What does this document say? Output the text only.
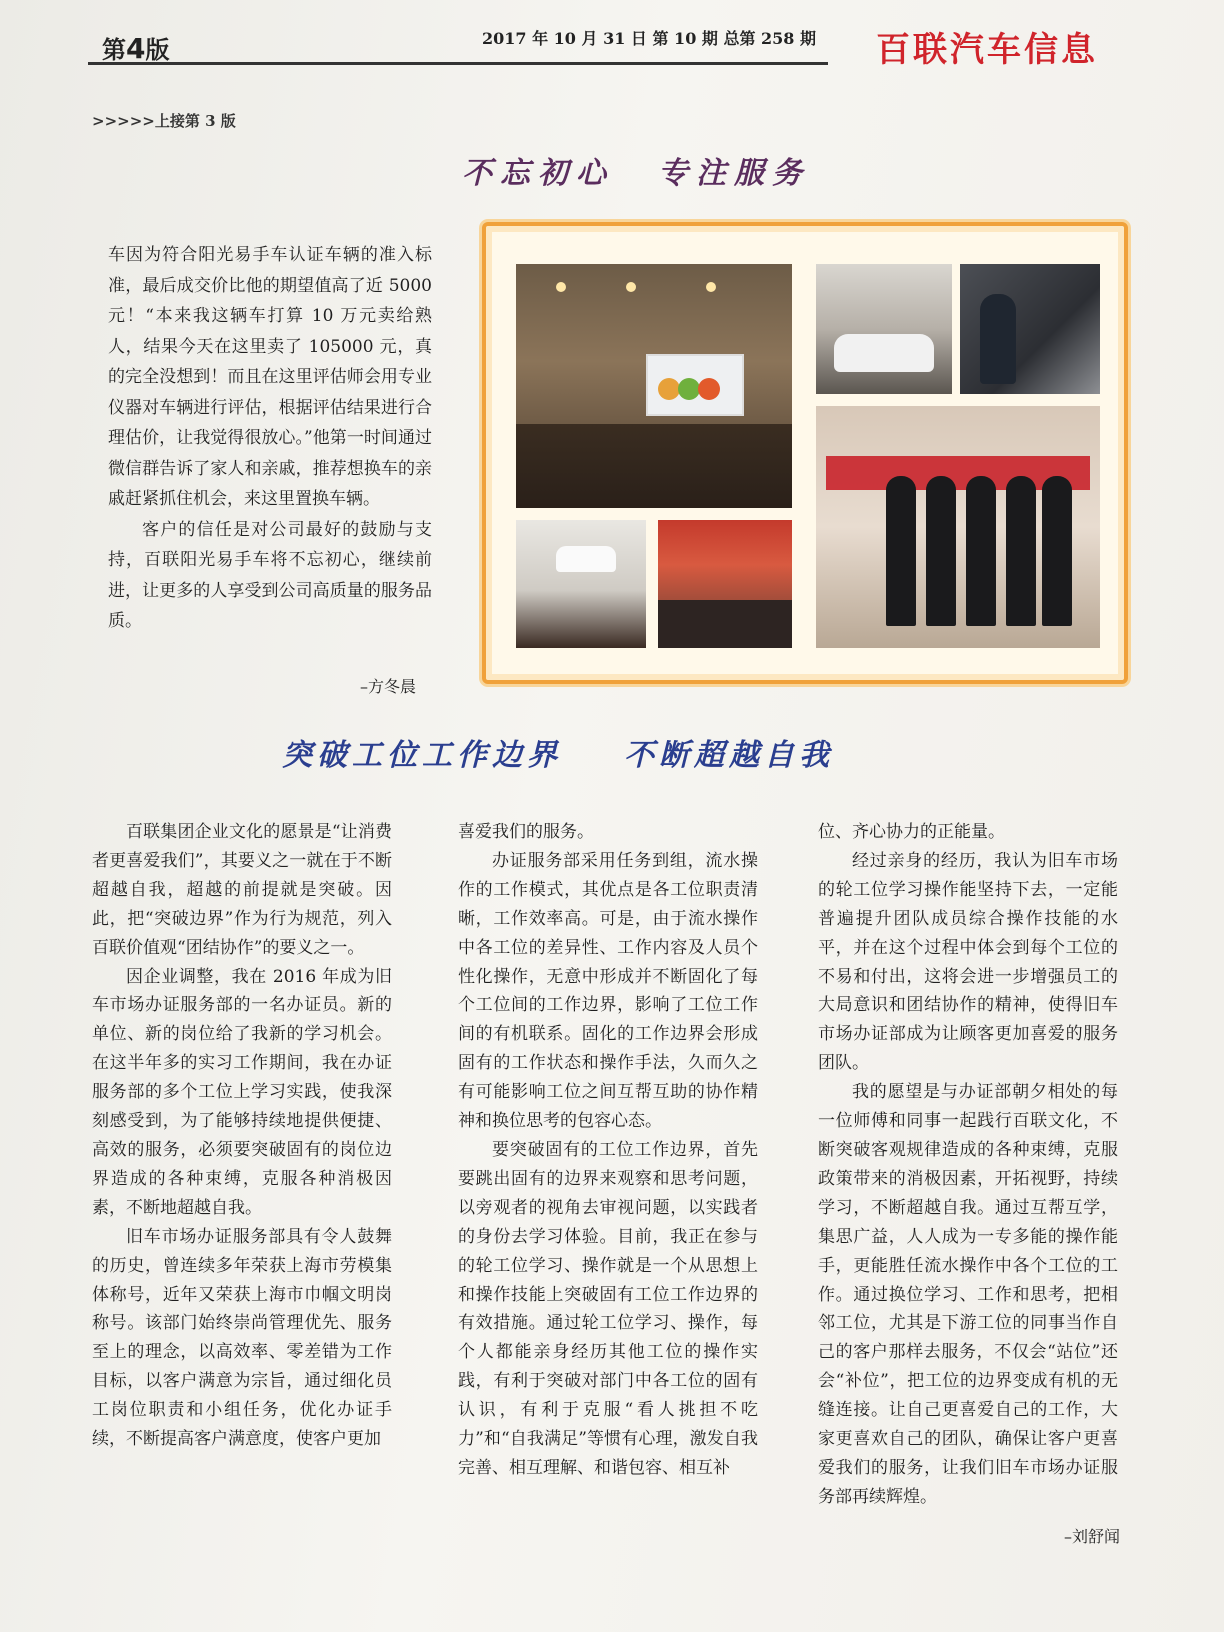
第4版	2017 年 10 月 31 日 第 10 期 总第 258 期 百联汽车信息
>>>>>上接第 3 版
不忘初心 专注服务

车因为符合阳光易手车认证车辆的准入标准，最后成交价比他的期望值高了近 5000 元！“本来我这辆车打算 10 万元卖给熟人，结果今天在这里卖了 105000 元，真的完全没想到！而且在这里评估师会用专业仪器对车辆进行评估，根据评估结果进行合理估价，让我觉得很放心。”他第一时间通过微信群告诉了家人和亲戚，推荐想换车的亲戚赶紧抓住机会，来这里置换车辆。

客户的信任是对公司最好的鼓励与支持，百联阳光易手车将不忘初心，继续前进，让更多的人享受到公司高质量的服务品质。

–方冬晨
突破工位工作边界 不断超越自我

百联集团企业文化的愿景是“让消费者更喜爱我们”，其要义之一就在于不断超越自我，超越的前提就是突破。因此，把“突破边界”作为行为规范，列入百联价值观“团结协作”的要义之一。

因企业调整，我在 2016 年成为旧车市场办证服务部的一名办证员。新的单位、新的岗位给了我新的学习机会。在这半年多的实习工作期间，我在办证服务部的多个工位上学习实践，使我深刻感受到，为了能够持续地提供便捷、高效的服务，必须要突破固有的岗位边界造成的各种束缚，克服各种消极因素，不断地超越自我。

旧车市场办证服务部具有令人鼓舞的历史，曾连续多年荣获上海市劳模集体称号，近年又荣获上海市巾帼文明岗称号。该部门始终崇尚管理优先、服务至上的理念，以高效率、零差错为工作目标，以客户满意为宗旨，通过细化员工岗位职责和小组任务，优化办证手续，不断提高客户满意度，使客户更加

喜爱我们的服务。

办证服务部采用任务到组，流水操作的工作模式，其优点是各工位职责清晰，工作效率高。可是，由于流水操作中各工位的差异性、工作内容及人员个性化操作，无意中形成并不断固化了每个工位间的工作边界，影响了工位工作间的有机联系。固化的工作边界会形成固有的工作状态和操作手法，久而久之有可能影响工位之间互帮互助的协作精神和换位思考的包容心态。

要突破固有的工位工作边界，首先要跳出固有的边界来观察和思考问题，以旁观者的视角去审视问题，以实践者的身份去学习体验。目前，我正在参与的轮工位学习、操作就是一个从思想上和操作技能上突破固有工位工作边界的有效措施。通过轮工位学习、操作，每个人都能亲身经历其他工位的操作实践，有利于突破对部门中各工位的固有认识，有利于克服“看人挑担不吃力”和“自我满足”等惯有心理，激发自我完善、相互理解、和谐包容、相互补

位、齐心协力的正能量。

经过亲身的经历，我认为旧车市场的轮工位学习操作能坚持下去，一定能普遍提升团队成员综合操作技能的水平，并在这个过程中体会到每个工位的不易和付出，这将会进一步增强员工的大局意识和团结协作的精神，使得旧车市场办证部成为让顾客更加喜爱的服务团队。

我的愿望是与办证部朝夕相处的每一位师傅和同事一起践行百联文化，不断突破客观规律造成的各种束缚，克服政策带来的消极因素，开拓视野，持续学习，不断超越自我。通过互帮互学，集思广益，人人成为一专多能的操作能手，更能胜任流水操作中各个工位的工作。通过换位学习、工作和思考，把相邻工位，尤其是下游工位的同事当作自己的客户那样去服务，不仅会“站位”还会“补位”，把工位的边界变成有机的无缝连接。让自己更喜爱自己的工作，大家更喜欢自己的团队，确保让客户更喜爱我们的服务，让我们旧车市场办证服务部再续辉煌。

–刘舒闻
